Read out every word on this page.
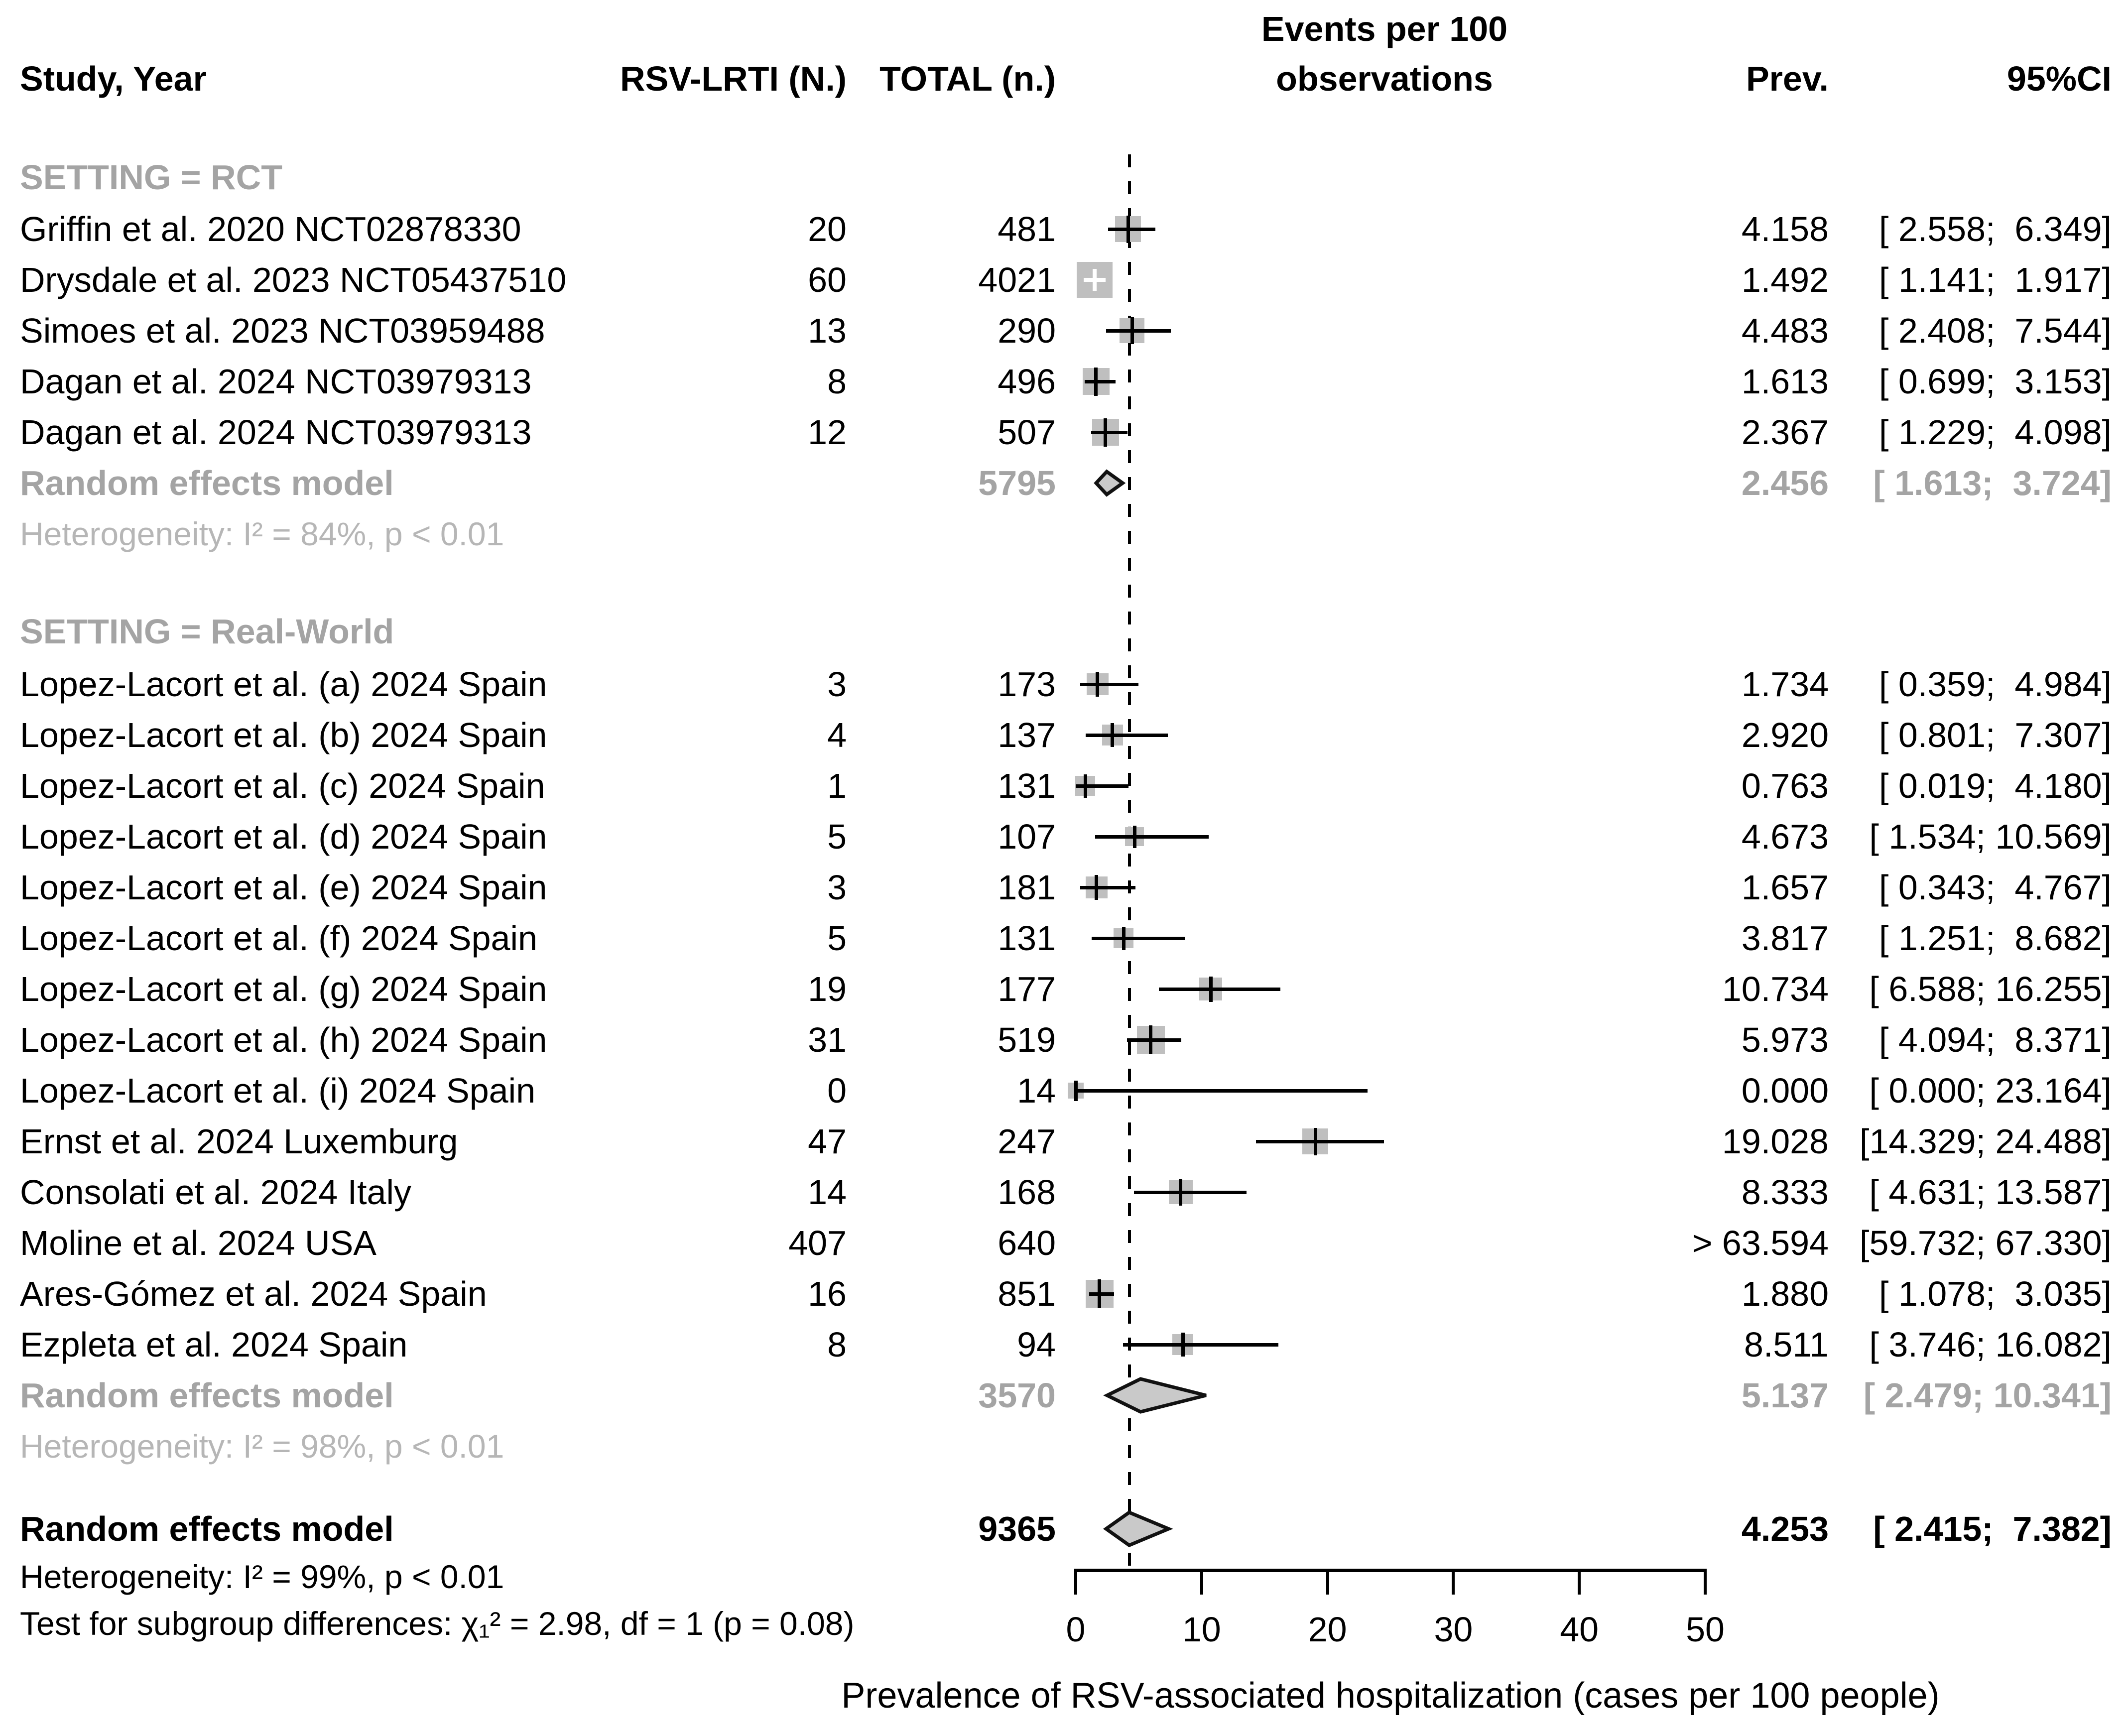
Events per 100
Study, Year	RSV-LRTI (N.) TOTAL (n.)	observations	Prev.	95%CI
SETTING = RCT
Griffin et al. 2020 NCT02878330	20	481	4.158	[ 2.558;  6.349]
Drysdale et al. 2023 NCT05437510	60	4021	1.492	[ 1.141;  1.917]
Simoes et al. 2023 NCT03959488	13	290	4.483	[ 2.408;  7.544]
Dagan et al. 2024 NCT03979313	8	496	1.613	[ 0.699;  3.153]
Dagan et al. 2024 NCT03979313	12	507	2.367	[ 1.229;  4.098]
Random effects model	5795	2.456	[ 1.613;  3.724]
Heterogeneity: I² = 84%, p < 0.01
SETTING = Real-World
Lopez-Lacort et al. (a) 2024 Spain	3	173	1.734	[ 0.359;  4.984]
Lopez-Lacort et al. (b) 2024 Spain	4	137	2.920	[ 0.801;  7.307]
Lopez-Lacort et al. (c) 2024 Spain	1	131	0.763	[ 0.019;  4.180]
Lopez-Lacort et al. (d) 2024 Spain	5	107	4.673	[ 1.534; 10.569]
Lopez-Lacort et al. (e) 2024 Spain	3	181	1.657	[ 0.343;  4.767]
Lopez-Lacort et al. (f) 2024 Spain	5	131	3.817	[ 1.251;  8.682]
Lopez-Lacort et al. (g) 2024 Spain	19	177	10.734	[ 6.588; 16.255]
Lopez-Lacort et al. (h) 2024 Spain	31	519	5.973	[ 4.094;  8.371]
Lopez-Lacort et al. (i) 2024 Spain	0	14	0.000	[ 0.000; 23.164]
Ernst et al. 2024 Luxemburg	47	247	19.028 [14.329; 24.488]
Consolati et al. 2024 Italy	14	168	8.333	[ 4.631; 13.587]
Moline et al. 2024 USA	407	640	> 63.594 [59.732; 67.330]
Ares-Gómez et al. 2024 Spain	16	851	1.880	[ 1.078;  3.035]
Ezpleta et al. 2024 Spain	8	94	8.511	[ 3.746; 16.082]
Random effects model	3570	5.137 [ 2.479; 10.341]
Heterogeneity: I² = 98%, p < 0.01
Random effects model	9365	4.253	[ 2.415;  7.382]
Heterogeneity: I² = 99%, p < 0.01
Test for subgroup differences: χ₁² = 2.98, df = 1 (p = 0.08)	0	10	20	30	40	50
Prevalence of RSV-associated hospitalization (cases per 100 people)
